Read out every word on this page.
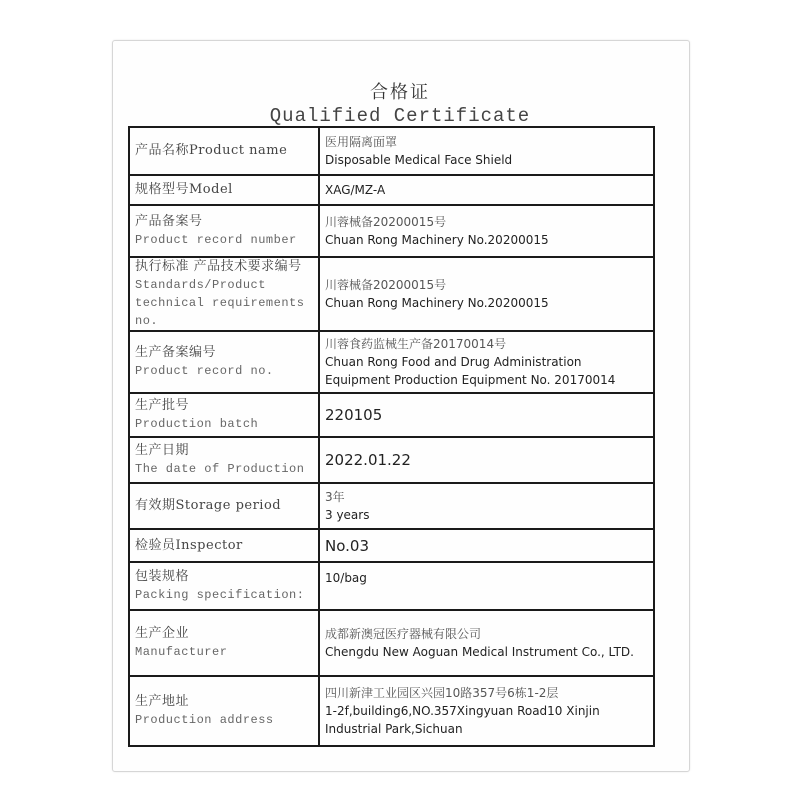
合格证
Qualified Certificate
产品名称Product name	医用隔离面罩
Disposable Medical Face Shield

规格型号Model	XAG/MZ-A

产品备案号
Product record number	川蓉械备20200015号
Chuan Rong Machinery No.20200015

执行标准 产品技术要求编号
Standards/Product technical requirements no.	川蓉械备20200015号
Chuan Rong Machinery No.20200015

生产备案编号
Product record no.	川蓉食药监械生产备20170014号
Chuan Rong Food and Drug Administration
Equipment Production Equipment No. 20170014

生产批号
Production batch	220105

生产日期
The date of Production	2022.01.22

有效期Storage period	3年
3 years

检验员Inspector	No.03

包装规格
Packing specification:	10/bag

生产企业
Manufacturer	成都新澳冠医疗器械有限公司
Chengdu New Aoguan Medical Instrument Co., LTD.

生产地址
Production address	四川新津工业园区兴园10路357号6栋1-2层
1-2f,building6,NO.357Xingyuan Road10 Xinjin
Industrial Park,Sichuan
